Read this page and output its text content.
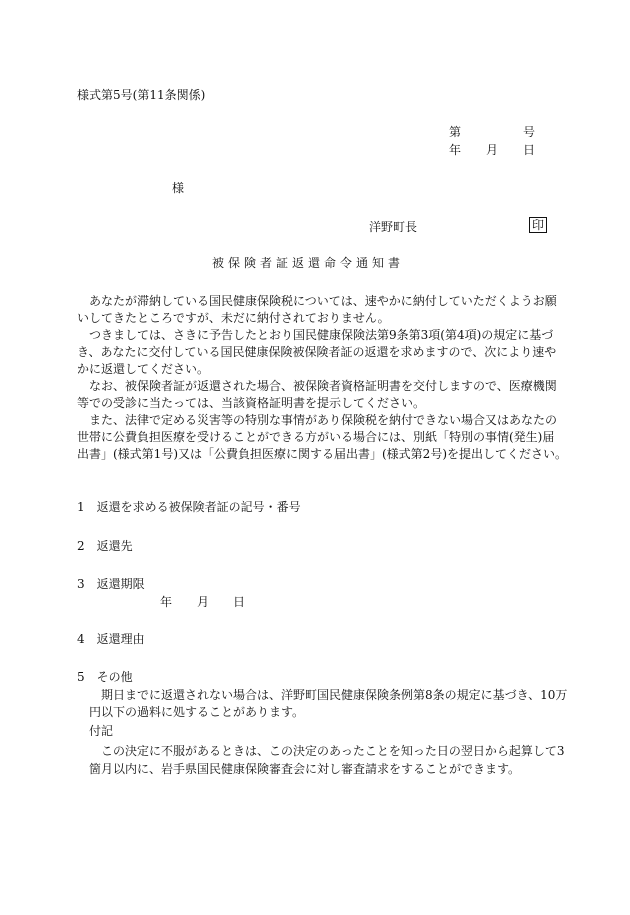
様式第5号(第11条関係)
第	号
年 月 日
様
洋野町長	印
被保険者証返還命令通知書
あなたが滞納している国民健康保険税については、速やかに納付していただくようお願
いしてきたところですが、未だに納付されておりません。
つきましては、さきに予告したとおり国民健康保険法第9条第3項(第4項)の規定に基づ
き、あなたに交付している国民健康保険被保険者証の返還を求めますので、次により速や
かに返還してください。
なお、被保険者証が返還された場合、被保険者資格証明書を交付しますので、医療機関
等での受診に当たっては、当該資格証明書を提示してください。
また、法律で定める災害等の特別な事情があり保険税を納付できない場合又はあなたの
世帯に公費負担医療を受けることができる方がいる場合には、別紙「特別の事情(発生)届
出書」(様式第1号)又は「公費負担医療に関する届出書」(様式第2号)を提出してください。
1　返還を求める被保険者証の記号・番号
2　返還先
3　返還期限
年 月 日
4　返還理由
5　その他
期日までに返還されない場合は、洋野町国民健康保険条例第8条の規定に基づき、10万
円以下の過料に処することがあります。
付記
この決定に不服があるときは、この決定のあったことを知った日の翌日から起算して3
箇月以内に、岩手県国民健康保険審査会に対し審査請求をすることができます。
